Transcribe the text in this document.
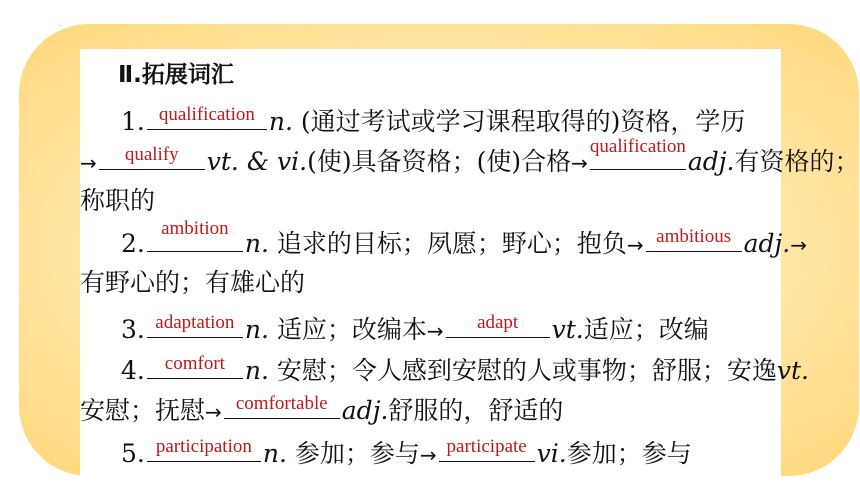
˙
Ⅱ.拓展词汇
1. qualification n. (通过考试或学习课程取得的)资格，学历
→	qualify	vt. & vi.(使)具备资格；(使)合格→
qualification
adj.有资格的；
称职的
2.
ambition
n. 追求的目标；夙愿；野心；抱负→ ambitious adj.→
有野心的；有雄心的
3. adaptation n. 适应；改编本→	adapt	vt.适应；改编
4.	comfort n. 安慰；令人感到安慰的人或事物；舒服；安逸vt.
安慰；抚慰→ comfortable adj.舒服的，舒适的
5. participation n. 参加；参与→ participate vi.参加；参与
